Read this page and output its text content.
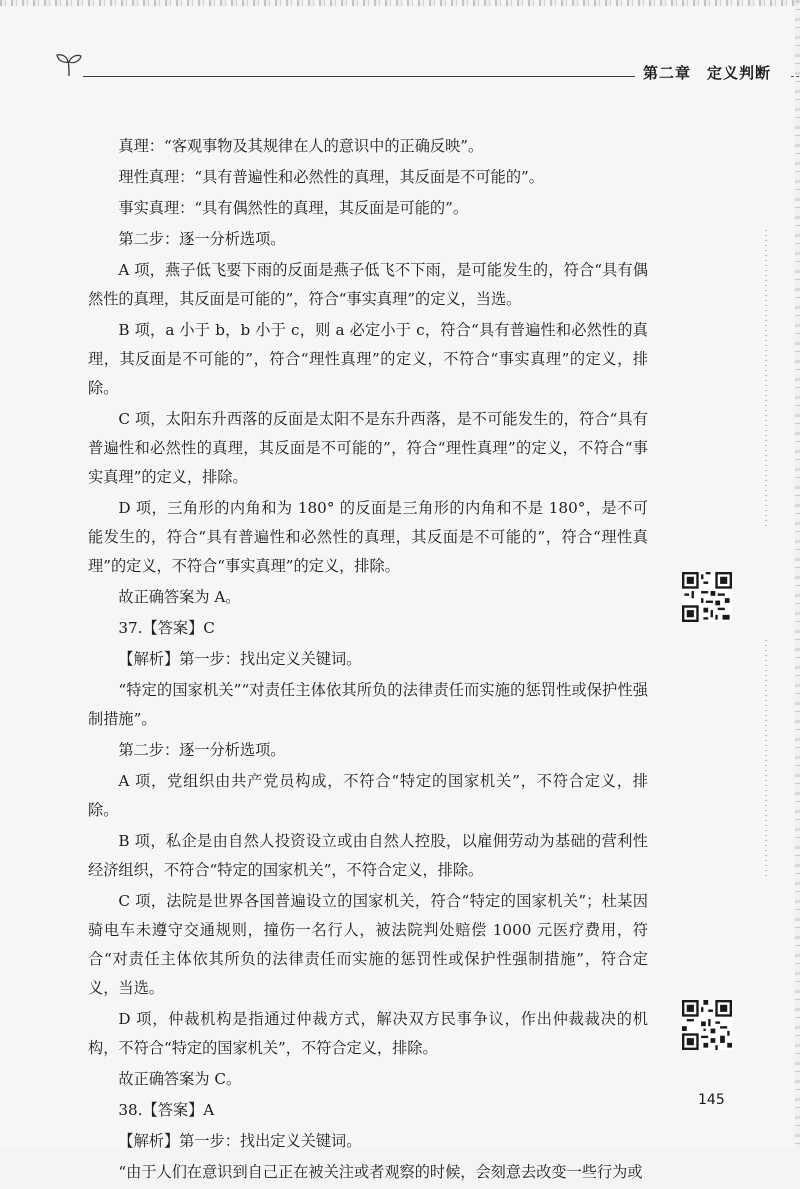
第二章　定义判断

真理：“客观事物及其规律在人的意识中的正确反映”。

理性真理：“具有普遍性和必然性的真理，其反面是不可能的”。

事实真理：“具有偶然性的真理，其反面是可能的”。

第二步：逐一分析选项。

A 项，燕子低飞要下雨的反面是燕子低飞不下雨，是可能发生的，符合“具有偶然性的真理，其反面是可能的”，符合“事实真理”的定义，当选。

B 项，a 小于 b，b 小于 c，则 a 必定小于 c，符合“具有普遍性和必然性的真理，其反面是不可能的”，符合“理性真理”的定义，不符合“事实真理”的定义，排除。

C 项，太阳东升西落的反面是太阳不是东升西落，是不可能发生的，符合“具有普遍性和必然性的真理，其反面是不可能的”，符合“理性真理”的定义，不符合“事实真理”的定义，排除。

D 项，三角形的内角和为 180° 的反面是三角形的内角和不是 180°，是不可能发生的，符合“具有普遍性和必然性的真理，其反面是不可能的”，符合“理性真理”的定义，不符合“事实真理”的定义，排除。

故正确答案为 A。

37.【答案】C

【解析】第一步：找出定义关键词。

“特定的国家机关”“对责任主体依其所负的法律责任而实施的惩罚性或保护性强制措施”。

第二步：逐一分析选项。

A 项，党组织由共产党员构成，不符合“特定的国家机关”，不符合定义，排除。

B 项，私企是由自然人投资设立或由自然人控股，以雇佣劳动为基础的营利性经济组织，不符合“特定的国家机关”，不符合定义，排除。

C 项，法院是世界各国普遍设立的国家机关，符合“特定的国家机关”；杜某因骑电车未遵守交通规则，撞伤一名行人，被法院判处赔偿 1000 元医疗费用，符合“对责任主体依其所负的法律责任而实施的惩罚性或保护性强制措施”，符合定义，当选。

D 项，仲裁机构是指通过仲裁方式，解决双方民事争议，作出仲裁裁决的机构，不符合“特定的国家机关”，不符合定义，排除。

故正确答案为 C。

38.【答案】A

【解析】第一步：找出定义关键词。

“由于人们在意识到自己正在被关注或者观察的时候，会刻意去改变一些行为或

145
